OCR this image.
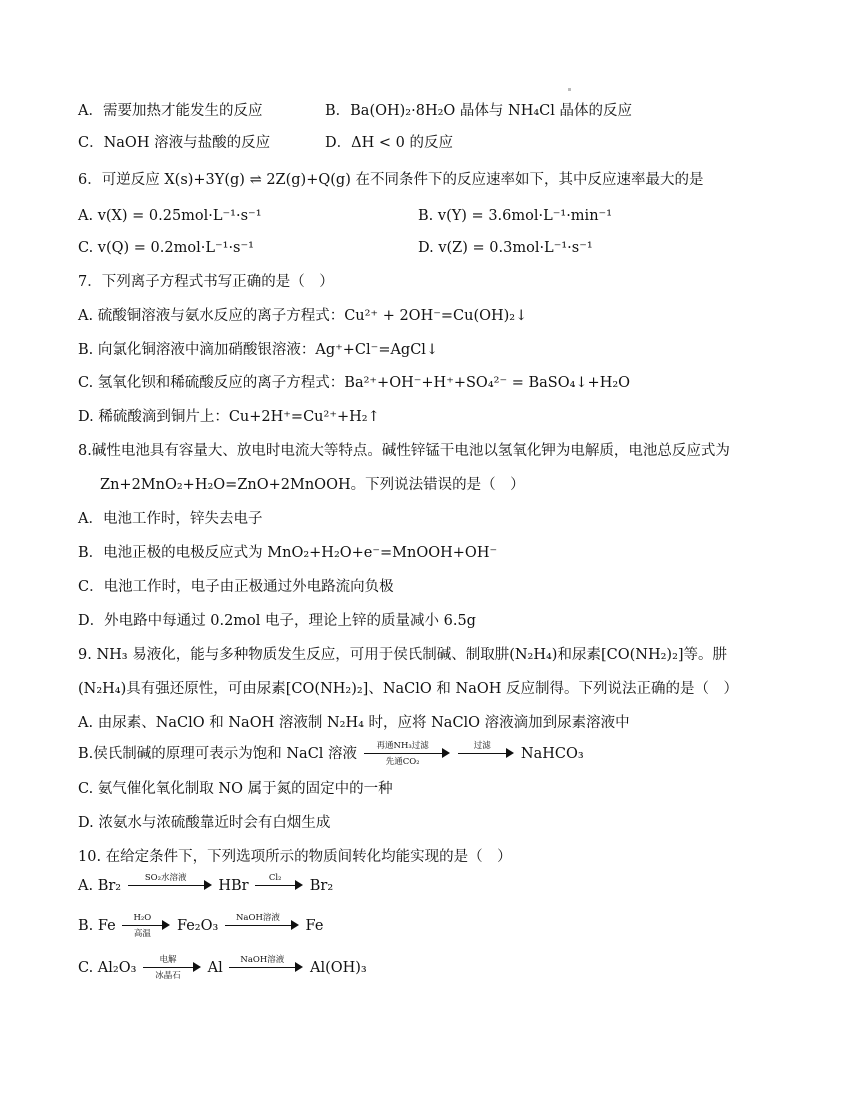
A．需要加热才能发生的反应	B．Ba(OH)₂·8H₂O 晶体与 NH₄Cl 晶体的反应
C．NaOH 溶液与盐酸的反应	D．ΔH < 0 的反应
6．可逆反应 X(s)+3Y(g) ⇌ 2Z(g)+Q(g) 在不同条件下的反应速率如下，其中反应速率最大的是
A. v(X) = 0.25mol·L⁻¹·s⁻¹	B. v(Y) = 3.6mol·L⁻¹·min⁻¹
C. v(Q) = 0.2mol·L⁻¹·s⁻¹	D. v(Z) = 0.3mol·L⁻¹·s⁻¹
7．下列离子方程式书写正确的是（　）
A. 硫酸铜溶液与氨水反应的离子方程式：Cu²⁺ + 2OH⁻=Cu(OH)₂↓
B. 向氯化铜溶液中滴加硝酸银溶液：Ag⁺+Cl⁻=AgCl↓
C. 氢氧化钡和稀硫酸反应的离子方程式：Ba²⁺+OH⁻+H⁺+SO₄²⁻ = BaSO₄↓+H₂O
D. 稀硫酸滴到铜片上：Cu+2H⁺=Cu²⁺+H₂↑
8.碱性电池具有容量大、放电时电流大等特点。碱性锌锰干电池以氢氧化钾为电解质，电池总反应式为
Zn+2MnO₂+H₂O=ZnO+2MnOOH。下列说法错误的是（　）
A．电池工作时，锌失去电子
B．电池正极的电极反应式为 MnO₂+H₂O+e⁻=MnOOH+OH⁻
C．电池工作时，电子由正极通过外电路流向负极
D．外电路中每通过 0.2mol 电子，理论上锌的质量减小 6.5g
9. NH₃ 易液化，能与多种物质发生反应，可用于侯氏制碱、制取肼(N₂H₄)和尿素[CO(NH₂)₂]等。肼
(N₂H₄)具有强还原性，可由尿素[CO(NH₂)₂]、NaClO 和 NaOH 反应制得。下列说法正确的是（　）
A. 由尿素、NaClO 和 NaOH 溶液制 N₂H₄ 时，应将 NaClO 溶液滴加到尿素溶液中
B.侯氏制碱的原理可表示为饱和 NaCl 溶液	再通NH₃过滤
先通CO₂

过滤	NaHCO₃
C. 氨气催化氧化制取 NO 属于氮的固定中的一种
D. 浓氨水与浓硫酸靠近时会有白烟生成
10. 在给定条件下，下列选项所示的物质间转化均能实现的是（　）
A. Br₂	SO₂水溶液	HBr	Cl₂	Br₂
B. Fe	H₂O
高温	Fe₂O₃	NaOH溶液	Fe
C. Al₂O₃	电解
冰晶石	Al	NaOH溶液	Al(OH)₃
